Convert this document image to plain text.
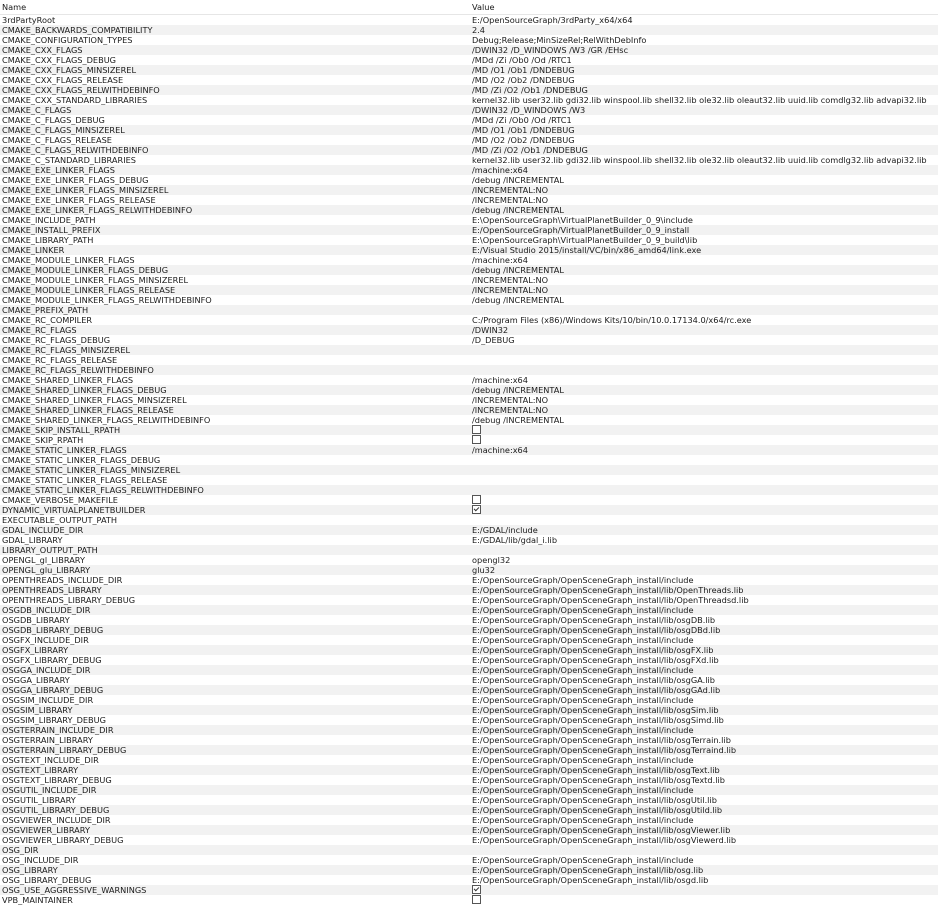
Name	Value
3rdPartyRoot	E:/OpenSourceGraph/3rdParty_x64/x64
CMAKE_BACKWARDS_COMPATIBILITY	2.4
CMAKE_CONFIGURATION_TYPES	Debug;Release;MinSizeRel;RelWithDebInfo
CMAKE_CXX_FLAGS	/DWIN32 /D_WINDOWS /W3 /GR /EHsc
CMAKE_CXX_FLAGS_DEBUG	/MDd /Zi /Ob0 /Od /RTC1
CMAKE_CXX_FLAGS_MINSIZEREL	/MD /O1 /Ob1 /DNDEBUG
CMAKE_CXX_FLAGS_RELEASE	/MD /O2 /Ob2 /DNDEBUG
CMAKE_CXX_FLAGS_RELWITHDEBINFO	/MD /Zi /O2 /Ob1 /DNDEBUG
CMAKE_CXX_STANDARD_LIBRARIES	kernel32.lib user32.lib gdi32.lib winspool.lib shell32.lib ole32.lib oleaut32.lib uuid.lib comdlg32.lib advapi32.lib
CMAKE_C_FLAGS	/DWIN32 /D_WINDOWS /W3
CMAKE_C_FLAGS_DEBUG	/MDd /Zi /Ob0 /Od /RTC1
CMAKE_C_FLAGS_MINSIZEREL	/MD /O1 /Ob1 /DNDEBUG
CMAKE_C_FLAGS_RELEASE	/MD /O2 /Ob2 /DNDEBUG
CMAKE_C_FLAGS_RELWITHDEBINFO	/MD /Zi /O2 /Ob1 /DNDEBUG
CMAKE_C_STANDARD_LIBRARIES	kernel32.lib user32.lib gdi32.lib winspool.lib shell32.lib ole32.lib oleaut32.lib uuid.lib comdlg32.lib advapi32.lib
CMAKE_EXE_LINKER_FLAGS	/machine:x64
CMAKE_EXE_LINKER_FLAGS_DEBUG	/debug /INCREMENTAL
CMAKE_EXE_LINKER_FLAGS_MINSIZEREL	/INCREMENTAL:NO
CMAKE_EXE_LINKER_FLAGS_RELEASE	/INCREMENTAL:NO
CMAKE_EXE_LINKER_FLAGS_RELWITHDEBINFO	/debug /INCREMENTAL
CMAKE_INCLUDE_PATH	E:\OpenSourceGraph\VirtualPlanetBuilder_0_9\include
CMAKE_INSTALL_PREFIX	E:/OpenSourceGraph/VirtualPlanetBuilder_0_9_install
CMAKE_LIBRARY_PATH	E:\OpenSourceGraph\VirtualPlanetBuilder_0_9_build\lib
CMAKE_LINKER	E:/Visual Studio 2015/install/VC/bin/x86_amd64/link.exe
CMAKE_MODULE_LINKER_FLAGS	/machine:x64
CMAKE_MODULE_LINKER_FLAGS_DEBUG	/debug /INCREMENTAL
CMAKE_MODULE_LINKER_FLAGS_MINSIZEREL	/INCREMENTAL:NO
CMAKE_MODULE_LINKER_FLAGS_RELEASE	/INCREMENTAL:NO
CMAKE_MODULE_LINKER_FLAGS_RELWITHDEBINFO	/debug /INCREMENTAL
CMAKE_PREFIX_PATH
CMAKE_RC_COMPILER	C:/Program Files (x86)/Windows Kits/10/bin/10.0.17134.0/x64/rc.exe
CMAKE_RC_FLAGS	/DWIN32
CMAKE_RC_FLAGS_DEBUG	/D_DEBUG
CMAKE_RC_FLAGS_MINSIZEREL
CMAKE_RC_FLAGS_RELEASE
CMAKE_RC_FLAGS_RELWITHDEBINFO
CMAKE_SHARED_LINKER_FLAGS	/machine:x64
CMAKE_SHARED_LINKER_FLAGS_DEBUG	/debug /INCREMENTAL
CMAKE_SHARED_LINKER_FLAGS_MINSIZEREL	/INCREMENTAL:NO
CMAKE_SHARED_LINKER_FLAGS_RELEASE	/INCREMENTAL:NO
CMAKE_SHARED_LINKER_FLAGS_RELWITHDEBINFO	/debug /INCREMENTAL
CMAKE_SKIP_INSTALL_RPATH
CMAKE_SKIP_RPATH
CMAKE_STATIC_LINKER_FLAGS	/machine:x64
CMAKE_STATIC_LINKER_FLAGS_DEBUG
CMAKE_STATIC_LINKER_FLAGS_MINSIZEREL
CMAKE_STATIC_LINKER_FLAGS_RELEASE
CMAKE_STATIC_LINKER_FLAGS_RELWITHDEBINFO
CMAKE_VERBOSE_MAKEFILE
DYNAMIC_VIRTUALPLANETBUILDER
EXECUTABLE_OUTPUT_PATH
GDAL_INCLUDE_DIR	E:/GDAL/include
GDAL_LIBRARY	E:/GDAL/lib/gdal_i.lib
LIBRARY_OUTPUT_PATH
OPENGL_gl_LIBRARY	opengl32
OPENGL_glu_LIBRARY	glu32
OPENTHREADS_INCLUDE_DIR	E:/OpenSourceGraph/OpenSceneGraph_install/include
OPENTHREADS_LIBRARY	E:/OpenSourceGraph/OpenSceneGraph_install/lib/OpenThreads.lib
OPENTHREADS_LIBRARY_DEBUG	E:/OpenSourceGraph/OpenSceneGraph_install/lib/OpenThreadsd.lib
OSGDB_INCLUDE_DIR	E:/OpenSourceGraph/OpenSceneGraph_install/include
OSGDB_LIBRARY	E:/OpenSourceGraph/OpenSceneGraph_install/lib/osgDB.lib
OSGDB_LIBRARY_DEBUG	E:/OpenSourceGraph/OpenSceneGraph_install/lib/osgDBd.lib
OSGFX_INCLUDE_DIR	E:/OpenSourceGraph/OpenSceneGraph_install/include
OSGFX_LIBRARY	E:/OpenSourceGraph/OpenSceneGraph_install/lib/osgFX.lib
OSGFX_LIBRARY_DEBUG	E:/OpenSourceGraph/OpenSceneGraph_install/lib/osgFXd.lib
OSGGA_INCLUDE_DIR	E:/OpenSourceGraph/OpenSceneGraph_install/include
OSGGA_LIBRARY	E:/OpenSourceGraph/OpenSceneGraph_install/lib/osgGA.lib
OSGGA_LIBRARY_DEBUG	E:/OpenSourceGraph/OpenSceneGraph_install/lib/osgGAd.lib
OSGSIM_INCLUDE_DIR	E:/OpenSourceGraph/OpenSceneGraph_install/include
OSGSIM_LIBRARY	E:/OpenSourceGraph/OpenSceneGraph_install/lib/osgSim.lib
OSGSIM_LIBRARY_DEBUG	E:/OpenSourceGraph/OpenSceneGraph_install/lib/osgSimd.lib
OSGTERRAIN_INCLUDE_DIR	E:/OpenSourceGraph/OpenSceneGraph_install/include
OSGTERRAIN_LIBRARY	E:/OpenSourceGraph/OpenSceneGraph_install/lib/osgTerrain.lib
OSGTERRAIN_LIBRARY_DEBUG	E:/OpenSourceGraph/OpenSceneGraph_install/lib/osgTerraind.lib
OSGTEXT_INCLUDE_DIR	E:/OpenSourceGraph/OpenSceneGraph_install/include
OSGTEXT_LIBRARY	E:/OpenSourceGraph/OpenSceneGraph_install/lib/osgText.lib
OSGTEXT_LIBRARY_DEBUG	E:/OpenSourceGraph/OpenSceneGraph_install/lib/osgTextd.lib
OSGUTIL_INCLUDE_DIR	E:/OpenSourceGraph/OpenSceneGraph_install/include
OSGUTIL_LIBRARY	E:/OpenSourceGraph/OpenSceneGraph_install/lib/osgUtil.lib
OSGUTIL_LIBRARY_DEBUG	E:/OpenSourceGraph/OpenSceneGraph_install/lib/osgUtild.lib
OSGVIEWER_INCLUDE_DIR	E:/OpenSourceGraph/OpenSceneGraph_install/include
OSGVIEWER_LIBRARY	E:/OpenSourceGraph/OpenSceneGraph_install/lib/osgViewer.lib
OSGVIEWER_LIBRARY_DEBUG	E:/OpenSourceGraph/OpenSceneGraph_install/lib/osgViewerd.lib
OSG_DIR
OSG_INCLUDE_DIR	E:/OpenSourceGraph/OpenSceneGraph_install/include
OSG_LIBRARY	E:/OpenSourceGraph/OpenSceneGraph_install/lib/osg.lib
OSG_LIBRARY_DEBUG	E:/OpenSourceGraph/OpenSceneGraph_install/lib/osgd.lib
OSG_USE_AGGRESSIVE_WARNINGS
VPB_MAINTAINER
